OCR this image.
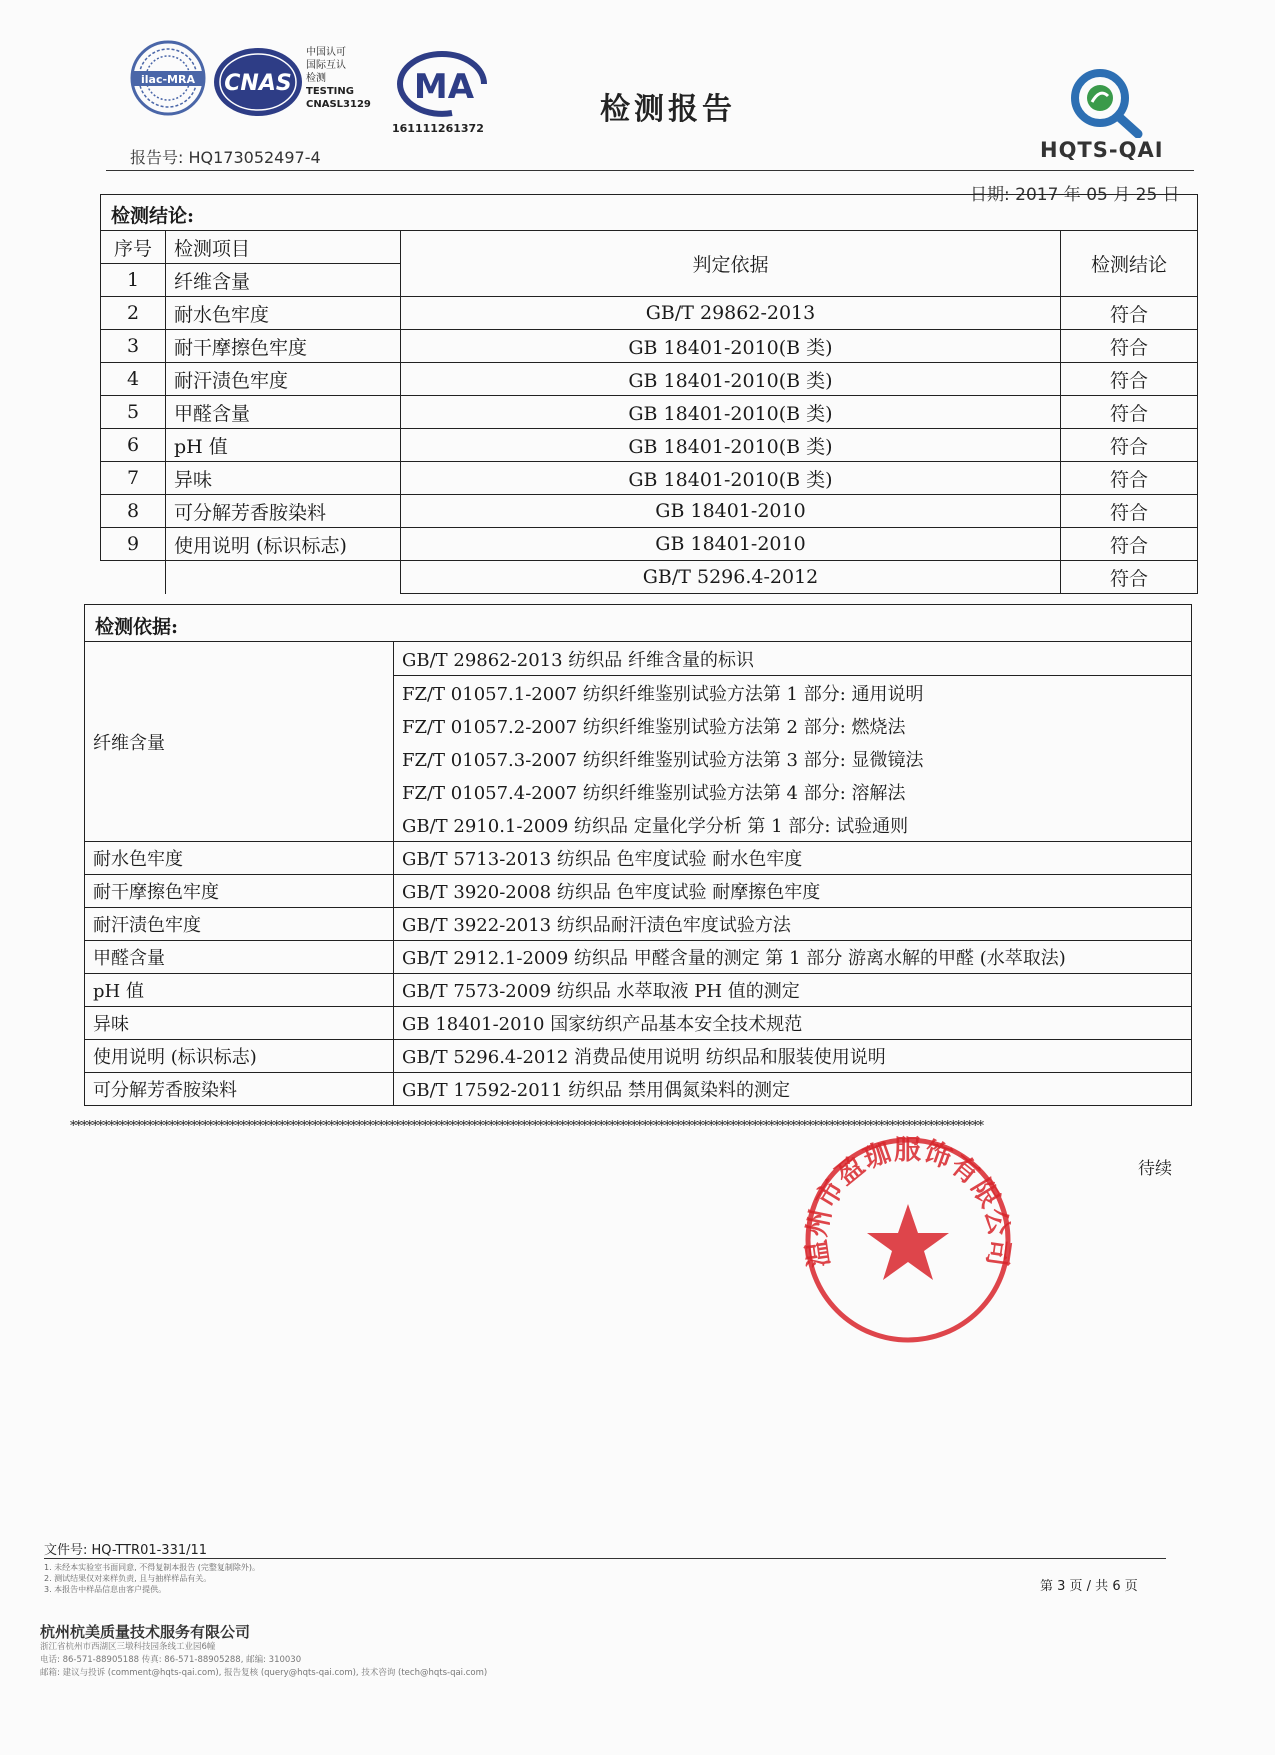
ilac-MRA CNAS
中国认可
国际互认
检测
TESTING
CNASL3129 MA
161111261372
检测报告
HQTS-QAI
报告号: HQ173052497-4
日期: 2017 年 05 月 25 日
检测结论:
序号	检测项目	判定依据	检测结论
1	纤维含量		
2	耐水色牢度	GB/T 29862-2013	符合
3	耐干摩擦色牢度	GB 18401-2010(B 类)	符合
4	耐汗渍色牢度	GB 18401-2010(B 类)	符合
5	甲醛含量	GB 18401-2010(B 类)	符合
6	pH 值	GB 18401-2010(B 类)	符合
7	异味	GB 18401-2010(B 类)	符合
8	可分解芳香胺染料	GB 18401-2010	符合
9	使用说明 (标识标志)	GB 18401-2010	符合
		GB/T 5296.4-2012	符合
检测依据:
纤维含量	GB/T 29862-2013 纺织品 纤维含量的标识
	FZ/T 01057.1-2007 纺织纤维鉴别试验方法第 1 部分: 通用说明
	FZ/T 01057.2-2007 纺织纤维鉴别试验方法第 2 部分: 燃烧法
	FZ/T 01057.3-2007 纺织纤维鉴别试验方法第 3 部分: 显微镜法
	FZ/T 01057.4-2007 纺织纤维鉴别试验方法第 4 部分: 溶解法
	GB/T 2910.1-2009 纺织品 定量化学分析 第 1 部分: 试验通则
耐水色牢度	GB/T 5713-2013 纺织品 色牢度试验 耐水色牢度
耐干摩擦色牢度	GB/T 3920-2008 纺织品 色牢度试验 耐摩擦色牢度
耐汗渍色牢度	GB/T 3922-2013 纺织品耐汗渍色牢度试验方法
甲醛含量	GB/T 2912.1-2009 纺织品 甲醛含量的测定 第 1 部分 游离水解的甲醛 (水萃取法)
pH 值	GB/T 7573-2009 纺织品 水萃取液 PH 值的测定
异味	GB 18401-2010 国家纺织产品基本安全技术规范
使用说明 (标识标志)	GB/T 5296.4-2012 消费品使用说明 纺织品和服装使用说明
可分解芳香胺染料	GB/T 17592-2011 纺织品 禁用偶氮染料的测定
**********************************************************************************************************************************************************************
待续
温州市盈珈服饰有限公司
文件号: HQ-TTR01-331/11
1. 未经本实验室书面同意, 不得复制本报告 (完整复制除外)。
2. 测试结果仅对来样负责, 且与抽样样品有关。
3. 本报告中样品信息由客户提供。	第 3 页 / 共 6 页
杭州杭美质量技术服务有限公司
浙江省杭州市西湖区三墩科技园条线工业园6幢
电话: 86-571-88905188 传真: 86-571-88905288, 邮编: 310030
邮箱: 建议与投诉 (comment@hqts-qai.com), 报告复核 (query@hqts-qai.com), 技术咨询 (tech@hqts-qai.com)
